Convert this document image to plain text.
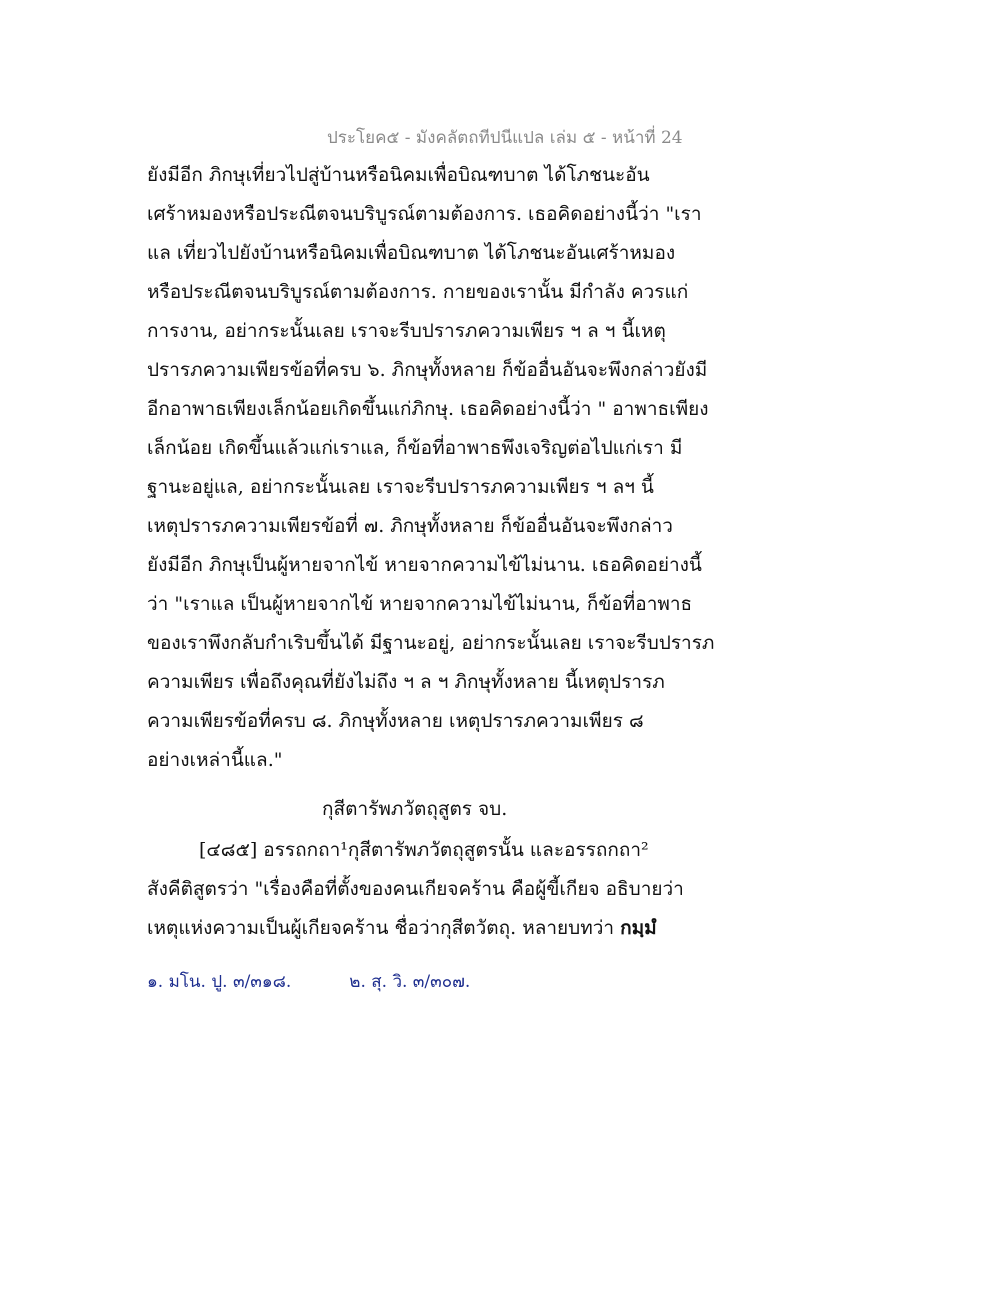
ประโยค๕ - มังคลัตถทีปนีแปล เล่ม ๕ - หน้าที่ 24
ยังมีอีก ภิกษุเที่ยวไปสู่บ้านหรือนิคมเพื่อบิณฑบาต ได้โภชนะอัน
เศร้าหมองหรือประณีตจนบริบูรณ์ตามต้องการ. เธอคิดอย่างนี้ว่า "เรา
แล เที่ยวไปยังบ้านหรือนิคมเพื่อบิณฑบาต ได้โภชนะอันเศร้าหมอง
หรือประณีตจนบริบูรณ์ตามต้องการ. กายของเรานั้น มีกำลัง ควรแก่
การงาน, อย่ากระนั้นเลย เราจะรีบปรารภความเพียร ฯ ล ฯ นี้เหตุ
ปรารภความเพียรข้อที่ครบ ๖. ภิกษุทั้งหลาย ก็ข้ออื่นอันจะพึงกล่าวยังมี
อีกอาพาธเพียงเล็กน้อยเกิดขึ้นแก่ภิกษุ. เธอคิดอย่างนี้ว่า " อาพาธเพียง
เล็กน้อย เกิดขึ้นแล้วแก่เราแล, ก็ข้อที่อาพาธพึงเจริญต่อไปแก่เรา มี
ฐานะอยู่แล, อย่ากระนั้นเลย เราจะรีบปรารภความเพียร ฯ ลฯ นี้
เหตุปรารภความเพียรข้อที่ ๗. ภิกษุทั้งหลาย ก็ข้ออื่นอันจะพึงกล่าว
ยังมีอีก ภิกษุเป็นผู้หายจากไข้ หายจากความไข้ไม่นาน. เธอคิดอย่างนี้
ว่า "เราแล เป็นผู้หายจากไข้ หายจากความไข้ไม่นาน, ก็ข้อที่อาพาธ
ของเราพึงกลับกำเริบขึ้นได้ มีฐานะอยู่, อย่ากระนั้นเลย เราจะรีบปรารภ
ความเพียร เพื่อถึงคุณที่ยังไม่ถึง ฯ ล ฯ ภิกษุทั้งหลาย นี้เหตุปรารภ
ความเพียรข้อที่ครบ ๘. ภิกษุทั้งหลาย เหตุปรารภความเพียร ๘
อย่างเหล่านี้แล."
กุสีตารัพภวัตถุสูตร จบ.
[๔๘๕] อรรถกถา¹กุสีตารัพภวัตถุสูตรนั้น และอรรถกถา²
สังคีติสูตรว่า "เรื่องคือที่ตั้งของคนเกียจคร้าน คือผู้ขี้เกียจ อธิบายว่า
เหตุแห่งความเป็นผู้เกียจคร้าน ชื่อว่ากุสีตวัตถุ. หลายบทว่า กมฺมํ
๑. มโน. ปู. ๓/๓๑๘.	๒. สุ. วิ. ๓/๓๐๗.
